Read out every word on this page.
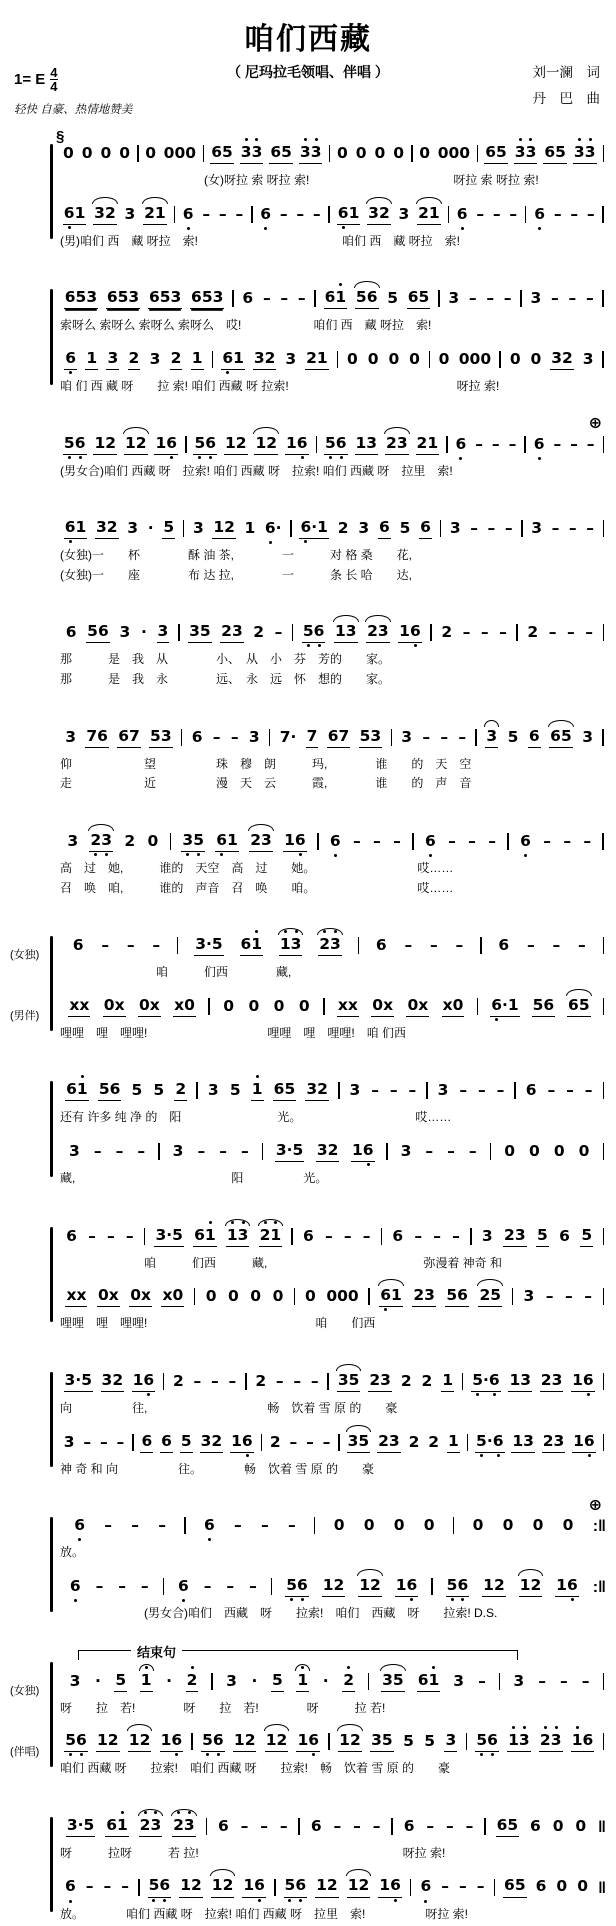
咱们西藏
1= E $\frac{4}{4}$
轻快 自豪、热情地赞美
（ 尼玛拉毛领唱、伴唱 ）	刘一澜　词
丹　巴　曲
§
0 0 0 0 0 0 0 0 6 5 3 3 6 5 3 3 0 0 0 0 0 0 0 0 6 5 3 3 6 5 3 3
　　　　　　　　　　　　(女)呀拉 索 呀拉 索!　　　　　　　　　　　　呀拉 索 呀拉 索!
6 1 3 2 3 2 1 6 – – – 6 – – – 6 1 3 2 3 2 1 6 – – – 6 – – –
(男)咱们 西　藏 呀拉　索!　　　　　　　　　　　　咱们 西　藏 呀拉　索!
6 5 3 6 5 3 6 5 3 6 5 3 6 – – – 6 1 5 6 5 6 5 3 – – – 3 – – –
索呀么 索呀么 索呀么 索呀么　哎!　　　　　　咱们 西　藏 呀拉　索!
6 1 3 2 3 2 1 6 1 3 2 3 2 1 0 0 0 0 0 0 0 0 0 0 3 2 3
咱 们 西 藏 呀　　拉 索! 咱们 西藏 呀 拉索!　　　　　　　　　　　　　　呀拉 索!
⊕
5 6 1 2 1 2 1 6 5 6 1 2 1 2 1 6 5 6 1 3 2 3 2 1 6 – – – 6 – – –
(男女合)咱们 西藏 呀　拉索! 咱们 西藏 呀　拉索! 咱们 西藏 呀　拉里　索!
6 1 3 2 3 · 5 3 1 2 1 6 · 6 · 1 2 3 6 5 6 3 – – – 3 – – –
(女独)一　　杯　　　　酥 油 茶,　　　　一　　　对 格 桑　　花,
(女独)一　　座　　　　布 达 拉,　　　　一　　　条 长 哈　　达,
6 5 6 3 · 3 3 5 2 3 2 – 5 6 1 3 2 3 1 6 2 – – – 2 – – –
那　　　是　我　从　　　　小、　从　小　芬　芳的　　家。
那　　　是　我　永　　　　远、　永　远　怀　想的　　家。
3 7 6 6 7 5 3 6 – – 3 7 · 7 6 7 5 3 3 – – – 3 5 6 6 5 3
仰　　　　　　望　　　　　珠　穆　朗　　　玛,　　　　谁　　的　天　空
走　　　　　　近　　　　　漫　天　云　　　霞,　　　　谁　　的　声　音
3 2 3 2 0 3 5 6 1 2 3 1 6 6 – – – 6 – – – 6 – – –
高　过　她,　　　谁的　天空　高　过　　她。　　　　　　　　　哎……
召　唤　咱,　　　谁的　声音　召　唤　　咱。　　　　　　　　　哎……
(女独)
6 – – – 3 · 5 6 1 1 3 2 3 6 – – – 6 – – –
　　　　　　　　咱　　　们西　　　　藏,
(男伴)
x x 0 x 0 x x 0 0 0 0 0 x x 0 x 0 x x 0 6 · 1 5 6 6 5
哩哩　哩　哩哩!　　　　　　　　　　哩哩　哩　哩哩!　咱 们西
6 1 5 6 5 5 2 3 5 1 6 5 3 2 3 – – – 3 – – – 6 – – –
还有 许多 纯 净 的　阳　　　　　　　　光。　　　　　　　　　　哎……
3 – – – 3 – – – 3 · 5 3 2 1 6 3 – – – 0 0 0 0
藏,　　　　　　　　　　　　　阳　　　　　光。
6 – – – 3 · 5 6 1 1 3 2 1 6 – – – 6 – – – 3 2 3 5 6 5
　　　　　　　咱　　　们西　　　藏,　　　　　　　　　　　　　弥漫着 神奇 和
x x 0 x 0 x x 0 0 0 0 0 0 0 0 0 6 1 2 3 5 6 2 5 3 – – –
哩哩　哩　哩哩!　　　　　　　　　　　　　　咱　　们西
3 · 5 3 2 1 6 2 – – – 2 – – – 3 5 2 3 2 2 1 5 · 6 1 3 2 3 1 6
向　　　　　往,　　　　　　　　　　畅　饮着 雪 原 的　　豪
3 – – – 6 6 5 3 2 1 6 2 – – – 3 5 2 3 2 2 1 5 · 6 1 3 2 3 1 6
神 奇 和 向　　　　　往。　　　　畅　饮着 雪 原 的　　豪
⊕
6 – – – 6 – – – 0 0 0 0 0 0 0 0 :‖
放。
6 – – – 6 – – – 5 6 1 2 1 2 1 6 5 6 1 2 1 2 1 6 :‖
　　　　　　　(男女合)咱们　西藏　呀　　拉索!　咱们　西藏　呀　　拉索! D.S.
结束句
(女独)
3 · 5 1 · 2 3 · 5 1 · 2 3 5 6 1 3 – 3 – – –
呀　　拉　若!　　　　呀　　拉　若!　　　　呀　　　拉 若!
(伴唱)
5 6 1 2 1 2 1 6 5 6 1 2 1 2 1 6 1 2 3 5 5 5 3 5 6 1 3 2 3 1 6
咱们 西藏 呀　　拉索!　咱们 西藏 呀　　拉索!　畅　饮着 雪 原 的　　豪
3 · 5 6 1 2 3 2 3 6 – – – 6 – – – 6 – – – 6 5 6 0 0 ‖
呀　　　拉呀　　　若 拉!　　　　　　　　　　　　　　　　　呀拉 索!
6 – – – 5 6 1 2 1 2 1 6 5 6 1 2 1 2 1 6 6 – – – 6 5 6 0 0 ‖
放。　　　　咱们 西藏 呀　拉索! 咱们 西藏 呀　拉里　索!　　　　　呀拉 索!
